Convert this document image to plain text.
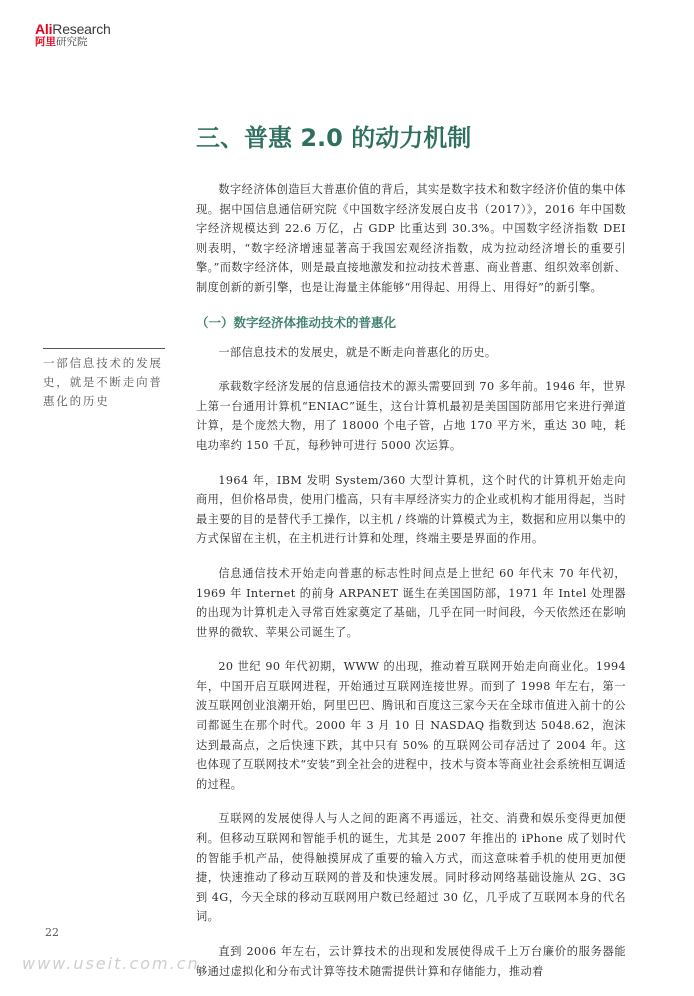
AliResearch
阿里研究院
三、普惠 2.0 的动力机制

数字经济体创造巨大普惠价值的背后，其实是数字技术和数字经济价值的集中体现。据中国信息通信研究院《中国数字经济发展白皮书（2017）》，2016 年中国数字经济规模达到 22.6 万亿，占 GDP 比重达到 30.3%。中国数字经济指数 DEI 则表明，“数字经济增速显著高于我国宏观经济指数，成为拉动经济增长的重要引擎。”而数字经济体，则是最直接地激发和拉动技术普惠、商业普惠、组织效率创新、制度创新的新引擎，也是让海量主体能够“用得起、用得上、用得好”的新引擎。

（一）数字经济体推动技术的普惠化

一部信息技术的发展史，就是不断走向普惠化的历史。

承载数字经济发展的信息通信技术的源头需要回到 70 多年前。1946 年，世界上第一台通用计算机“ENIAC”诞生，这台计算机最初是美国国防部用它来进行弹道计算，是个庞然大物，用了 18000 个电子管，占地 170 平方米，重达 30 吨，耗电功率约 150 千瓦，每秒钟可进行 5000 次运算。

1964 年，IBM 发明 System/360 大型计算机，这个时代的计算机开始走向商用，但价格昂贵，使用门槛高，只有丰厚经济实力的企业或机构才能用得起，当时最主要的目的是替代手工操作，以主机 / 终端的计算模式为主，数据和应用以集中的方式保留在主机，在主机进行计算和处理，终端主要是界面的作用。

信息通信技术开始走向普惠的标志性时间点是上世纪 60 年代末 70 年代初，1969 年 Internet 的前身 ARPANET 诞生在美国国防部，1971 年 Intel 处理器的出现为计算机走入寻常百姓家奠定了基础，几乎在同一时间段，今天依然还在影响世界的微软、苹果公司诞生了。

20 世纪 90 年代初期，WWW 的出现，推动着互联网开始走向商业化。1994 年，中国开启互联网进程，开始通过互联网连接世界。而到了 1998 年左右，第一波互联网创业浪潮开始，阿里巴巴、腾讯和百度这三家今天在全球市值进入前十的公司都诞生在那个时代。2000 年 3 月 10 日 NASDAQ 指数到达 5048.62，泡沫达到最高点，之后快速下跌，其中只有 50% 的互联网公司存活过了 2004 年。这也体现了互联网技术“安装”到全社会的进程中，技术与资本等商业社会系统相互调适的过程。

互联网的发展使得人与人之间的距离不再遥远，社交、消费和娱乐变得更加便利。但移动互联网和智能手机的诞生，尤其是 2007 年推出的 iPhone 成了划时代的智能手机产品，使得触摸屏成了重要的输入方式，而这意味着手机的使用更加便捷，快速推动了移动互联网的普及和快速发展。同时移动网络基础设施从 2G、3G 到 4G，今天全球的移动互联网用户数已经超过 30 亿，几乎成了互联网本身的代名词。

直到 2006 年左右，云计算技术的出现和发展使得成千上万台廉价的服务器能够通过虚拟化和分布式计算等技术随需提供计算和存储能力，推动着

一部信息技术的发展史，就是不断走向普惠化的历史
22
www.useit.com.cn
